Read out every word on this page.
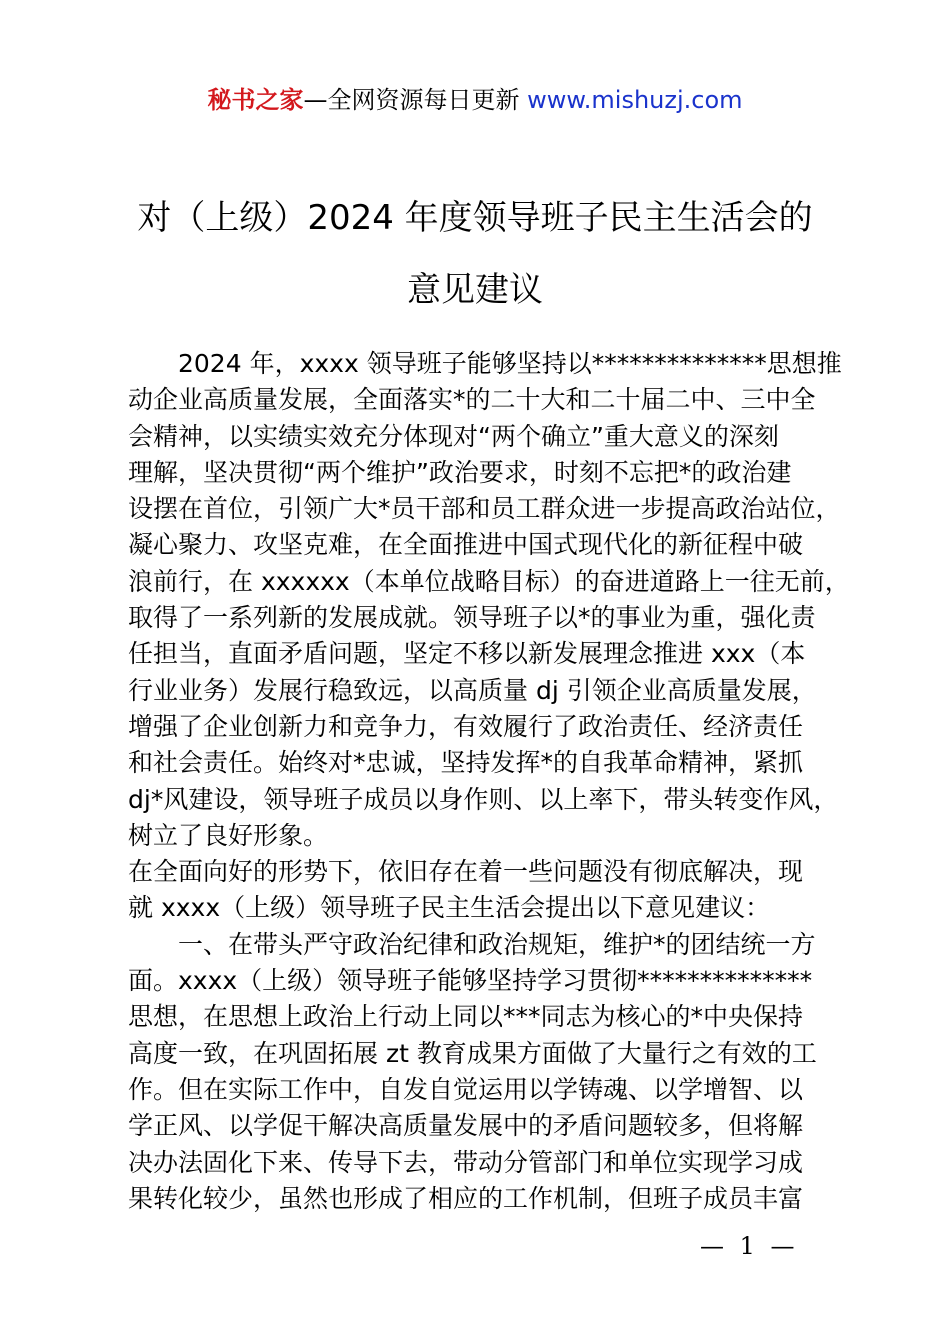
秘书之家—全网资源每日更新 www.mishuzj.com
对（上级）2024 年度领导班子民主生活会的
意见建议
2024 年，xxxx 领导班子能够坚持以**************思想推
动企业高质量发展，全面落实*的二十大和二十届二中、三中全
会精神，以实绩实效充分体现对“两个确立”重大意义的深刻
理解，坚决贯彻“两个维护”政治要求，时刻不忘把*的政治建
设摆在首位，引领广大*员干部和员工群众进一步提高政治站位，
凝心聚力、攻坚克难，在全面推进中国式现代化的新征程中破
浪前行，在 xxxxxx（本单位战略目标）的奋进道路上一往无前，
取得了一系列新的发展成就。领导班子以*的事业为重，强化责
任担当，直面矛盾问题，坚定不移以新发展理念推进 xxx（本
行业业务）发展行稳致远，以高质量 dj 引领企业高质量发展，
增强了企业创新力和竞争力，有效履行了政治责任、经济责任
和社会责任。始终对*忠诚，坚持发挥*的自我革命精神，紧抓
dj*风建设，领导班子成员以身作则、以上率下，带头转变作风，
树立了良好形象。
在全面向好的形势下，依旧存在着一些问题没有彻底解决，现
就 xxxx（上级）领导班子民主生活会提出以下意见建议：
一、在带头严守政治纪律和政治规矩，维护*的团结统一方
面。xxxx（上级）领导班子能够坚持学习贯彻**************
思想，在思想上政治上行动上同以***同志为核心的*中央保持
高度一致，在巩固拓展 zt 教育成果方面做了大量行之有效的工
作。但在实际工作中，自发自觉运用以学铸魂、以学增智、以
学正风、以学促干解决高质量发展中的矛盾问题较多，但将解
决办法固化下来、传导下去，带动分管部门和单位实现学习成
果转化较少，虽然也形成了相应的工作机制，但班子成员丰富
— 1 —
